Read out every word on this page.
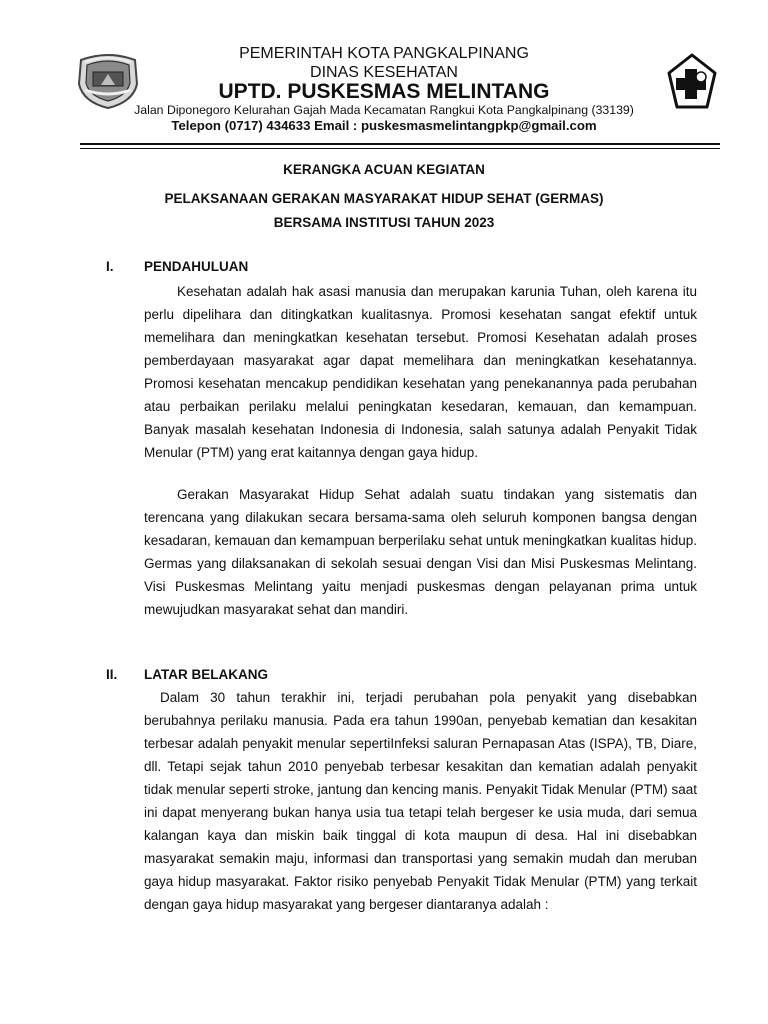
PEMERINTAH KOTA PANGKALPINANG
DINAS KESEHATAN
UPTD. PUSKESMAS MELINTANG
Jalan Diponegoro Kelurahan Gajah Mada Kecamatan Rangkui Kota Pangkalpinang (33139)
Telepon (0717) 434633 Email : puskesmasmelintangpkp@gmail.com
KERANGKA ACUAN KEGIATAN
PELAKSANAAN GERAKAN MASYARAKAT HIDUP SEHAT (GERMAS)
BERSAMA INSTITUSI TAHUN 2023
I. PENDAHULUAN

Kesehatan adalah hak asasi manusia dan merupakan karunia Tuhan, oleh karena itu perlu dipelihara dan ditingkatkan kualitasnya. Promosi kesehatan sangat efektif untuk memelihara dan meningkatkan kesehatan tersebut. Promosi Kesehatan adalah proses pemberdayaan masyarakat agar dapat memelihara dan meningkatkan kesehatannya. Promosi kesehatan mencakup pendidikan kesehatan yang penekanannya pada perubahan atau perbaikan perilaku melalui peningkatan kesedaran, kemauan, dan kemampuan. Banyak masalah kesehatan Indonesia di Indonesia, salah satunya adalah Penyakit Tidak Menular (PTM) yang erat kaitannya dengan gaya hidup.

Gerakan Masyarakat Hidup Sehat adalah suatu tindakan yang sistematis dan terencana yang dilakukan secara bersama-sama oleh seluruh komponen bangsa dengan kesadaran, kemauan dan kemampuan berperilaku sehat untuk meningkatkan kualitas hidup. Germas yang dilaksanakan di sekolah sesuai dengan Visi dan Misi Puskesmas Melintang. Visi Puskesmas Melintang yaitu menjadi puskesmas dengan pelayanan prima untuk mewujudkan masyarakat sehat dan mandiri.

II. LATAR BELAKANG

Dalam 30 tahun terakhir ini, terjadi perubahan pola penyakit yang disebabkan berubahnya perilaku manusia. Pada era tahun 1990an, penyebab kematian dan kesakitan terbesar adalah penyakit menular sepertiInfeksi saluran Pernapasan Atas (ISPA), TB, Diare, dll. Tetapi sejak tahun 2010 penyebab terbesar kesakitan dan kematian adalah penyakit tidak menular seperti stroke, jantung dan kencing manis. Penyakit Tidak Menular (PTM) saat ini dapat menyerang bukan hanya usia tua tetapi telah bergeser ke usia muda, dari semua kalangan kaya dan miskin baik tinggal di kota maupun di desa. Hal ini disebabkan masyarakat semakin maju, informasi dan transportasi yang semakin mudah dan meruban gaya hidup masyarakat. Faktor risiko penyebab Penyakit Tidak Menular (PTM) yang terkait dengan gaya hidup masyarakat yang bergeser diantaranya adalah :
